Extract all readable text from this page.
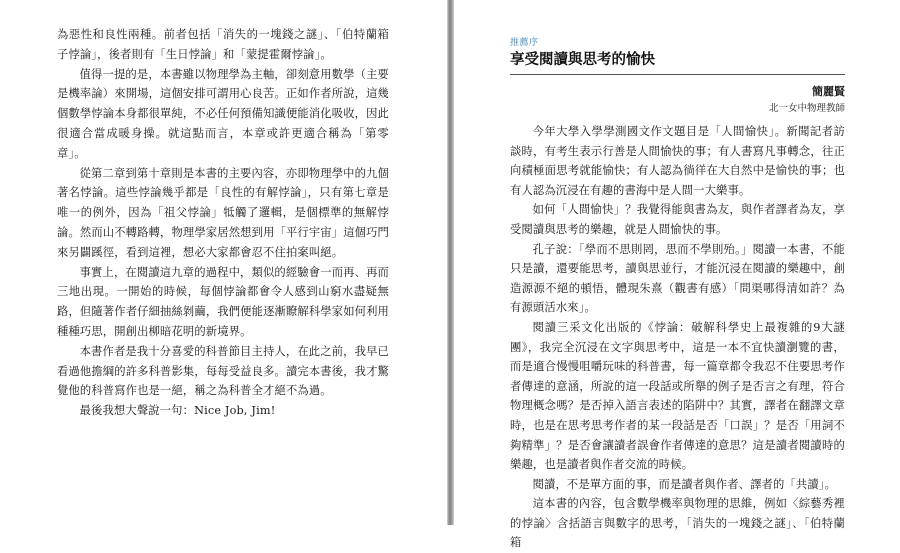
為惡性和良性兩種。前者包括「消失的一塊錢之謎」、「伯特蘭箱子悖論」，後者則有「生日悖論」和「蒙提霍爾悖論」。

值得一提的是，本書雖以物理學為主軸，卻刻意用數學（主要是機率論）來開場，這個安排可謂用心良苦。正如作者所說，這幾個數學悖論本身都很單純，不必任何預備知識便能消化吸收，因此很適合當成暖身操。就這點而言，本章或許更適合稱為「第零章」。

從第二章到第十章則是本書的主要內容，亦即物理學中的九個著名悖論。這些悖論幾乎都是「良性的有解悖論」，只有第七章是唯一的例外，因為「祖父悖論」牴觸了邏輯，是個標準的無解悖論。然而山不轉路轉，物理學家居然想到用「平行宇宙」這個巧門來另闢蹊徑，看到這裡，想必大家都會忍不住拍案叫絕。

事實上，在閱讀這九章的過程中，類似的經驗會一而再、再而三地出現。一開始的時候，每個悖論都會令人感到山窮水盡疑無路，但隨著作者仔細抽絲剝繭，我們便能逐漸瞭解科學家如何利用種種巧思，開創出柳暗花明的新境界。

本書作者是我十分喜愛的科普節目主持人，在此之前，我早已看過他擔綱的許多科普影集，每每受益良多。讀完本書後，我才驚覺他的科普寫作也是一絕，稱之為科普全才絕不為過。

最後我想大聲說一句：Nice Job, Jim!

推薦序
享受閱讀與思考的愉快
簡麗賢
北一女中物理教師

今年大學入學學測國文作文題目是「人間愉快」。新聞記者訪談時，有考生表示行善是人間愉快的事；有人書寫凡事轉念，往正向積極面思考就能愉快；有人認為徜徉在大自然中是愉快的事；也有人認為沉浸在有趣的書海中是人間一大樂事。

如何「人間愉快」？我覺得能與書為友，與作者譯者為友，享受閱讀與思考的樂趣，就是人間愉快的事。

孔子說：「學而不思則罔，思而不學則殆。」閱讀一本書，不能只是讀，還要能思考，讀與思並行，才能沉浸在閱讀的樂趣中，創造源源不絕的頓悟，體現朱熹（觀書有感）「問渠哪得清如許？為有源頭活水來」。

閱讀三采文化出版的《悖論：破解科學史上最複雜的9大謎團》，我完全沉浸在文字與思考中，這是一本不宜快讀瀏覽的書，而是適合慢慢咀嚼玩味的科普書，每一篇章都令我忍不住要思考作者傳達的意涵，所說的這一段話或所舉的例子是否言之有理，符合物理概念嗎？是否掉入語言表述的陷阱中？其實，譯者在翻譯文章時，也是在思考思考作者的某一段話是否「口誤」？是否「用詞不夠精準」？是否會讓讀者誤會作者傳達的意思？這是讀者閱讀時的樂趣，也是讀者與作者交流的時候。

閱讀，不是單方面的事，而是讀者與作者、譯者的「共讀」。

這本書的內容，包含數學機率與物理的思維，例如〈綜藝秀裡的悖論〉含括語言與數字的思考，「消失的一塊錢之謎」、「伯特蘭箱
